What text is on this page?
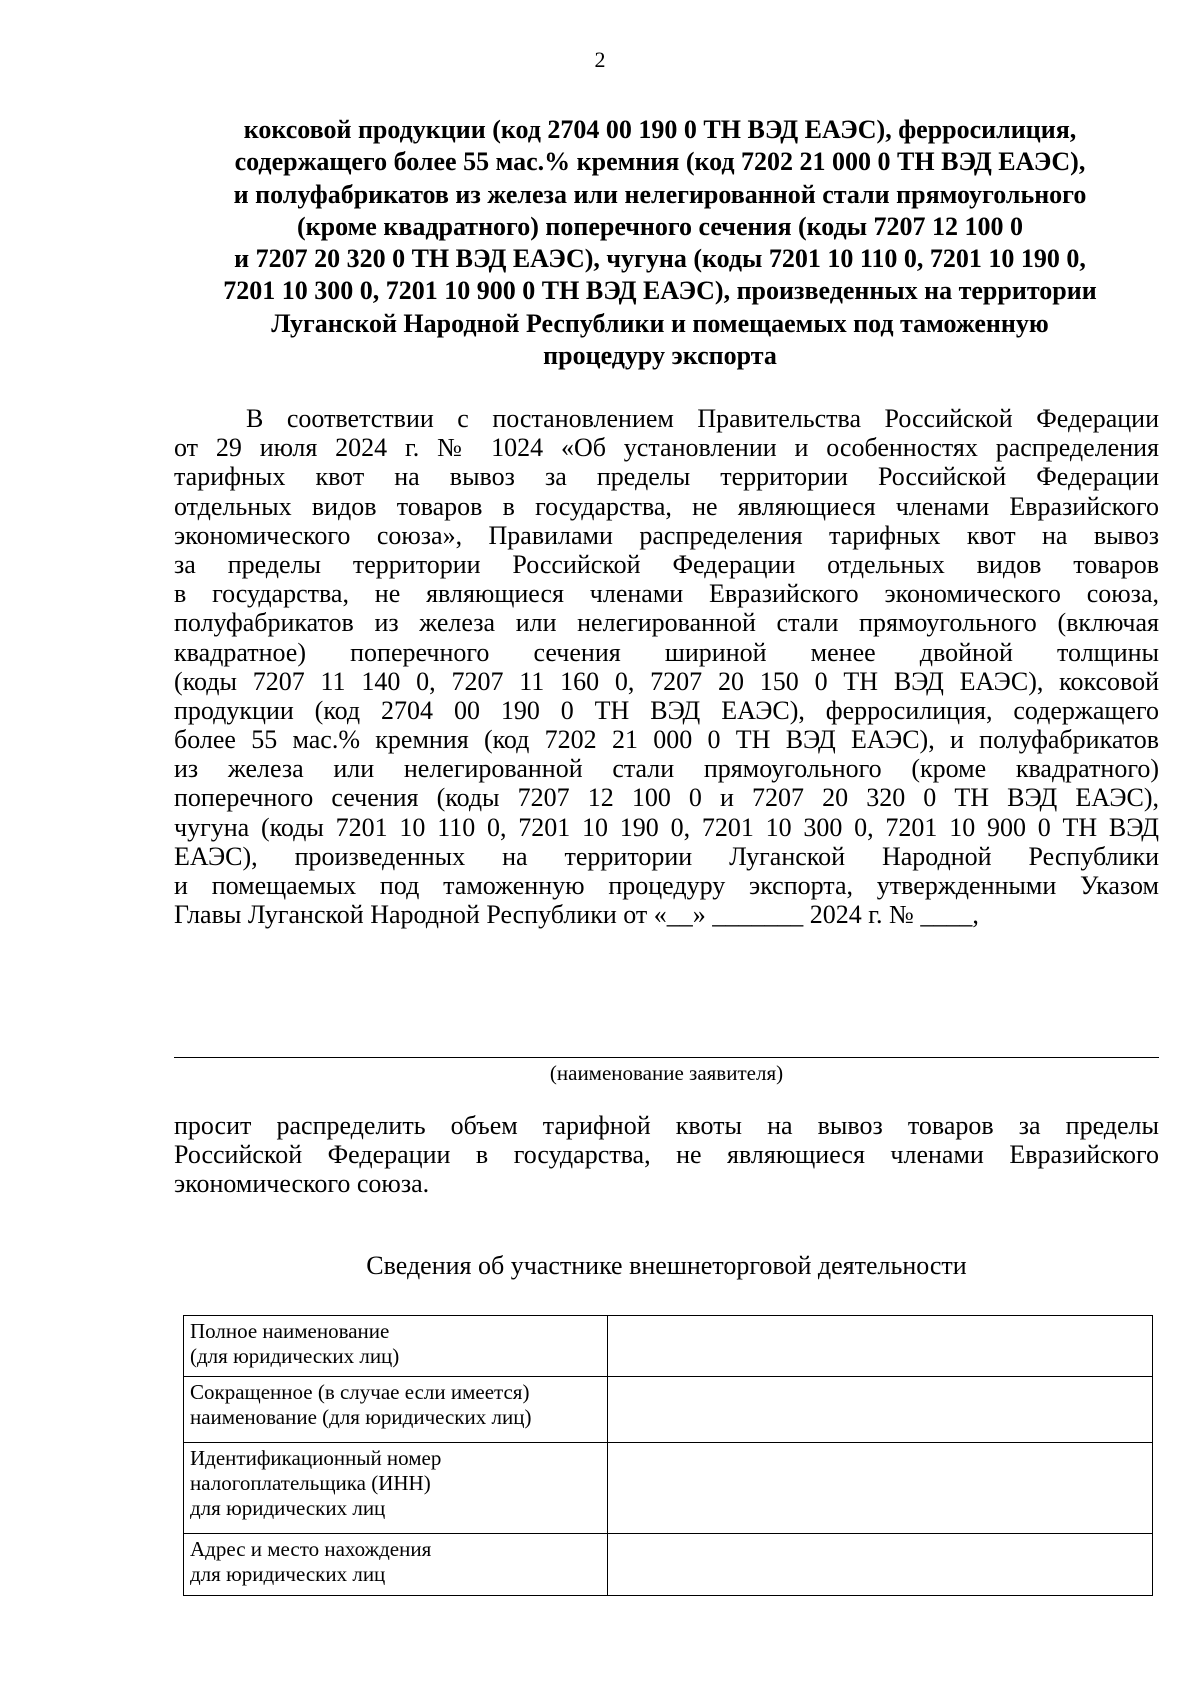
2
коксовой продукции (код 2704 00 190 0 ТН ВЭД ЕАЭС), ферросилиция,
содержащего более 55 мас.% кремния (код 7202 21 000 0 ТН ВЭД ЕАЭС),
и полуфабрикатов из железа или нелегированной стали прямоугольного
(кроме квадратного) поперечного сечения (коды 7207 12 100 0
и 7207 20 320 0 ТН ВЭД ЕАЭС), чугуна (коды 7201 10 110 0, 7201 10 190 0,
7201 10 300 0, 7201 10 900 0 ТН ВЭД ЕАЭС), произведенных на территории
Луганской Народной Республики и помещаемых под таможенную
процедуру экспорта
В соответствии с постановлением Правительства Российской Федерации
от 29 июля 2024 г. № 1024 «Об установлении и особенностях распределения
тарифных квот на вывоз за пределы территории Российской Федерации
отдельных видов товаров в государства, не являющиеся членами Евразийского
экономического союза», Правилами распределения тарифных квот на вывоз
за пределы территории Российской Федерации отдельных видов товаров
в государства, не являющиеся членами Евразийского экономического союза,
полуфабрикатов из железа или нелегированной стали прямоугольного (включая
квадратное) поперечного сечения шириной менее двойной толщины
(коды 7207 11 140 0, 7207 11 160 0, 7207 20 150 0 ТН ВЭД ЕАЭС), коксовой
продукции (код 2704 00 190 0 ТН ВЭД ЕАЭС), ферросилиция, содержащего
более 55 мас.% кремния (код 7202 21 000 0 ТН ВЭД ЕАЭС), и полуфабрикатов
из железа или нелегированной стали прямоугольного (кроме квадратного)
поперечного сечения (коды 7207 12 100 0 и 7207 20 320 0 ТН ВЭД ЕАЭС),
чугуна (коды 7201 10 110 0, 7201 10 190 0, 7201 10 300 0, 7201 10 900 0 ТН ВЭД
ЕАЭС), произведенных на территории Луганской Народной Республики
и помещаемых под таможенную процедуру экспорта, утвержденными Указом
Главы Луганской Народной Республики от «__» _______ 2024 г. № ____,
(наименование заявителя)
просит распределить объем тарифной квоты на вывоз товаров за пределы
Российской Федерации в государства, не являющиеся членами Евразийского
экономического союза.
Сведения об участнике внешнеторговой деятельности
Полное наименование
(для юридических лиц)	

Сокращенное (в случае если имеется)
наименование (для юридических лиц)	

Идентификационный номер
налогоплательщика (ИНН)
для юридических лиц	

Адрес и место нахождения
для юридических лиц	
